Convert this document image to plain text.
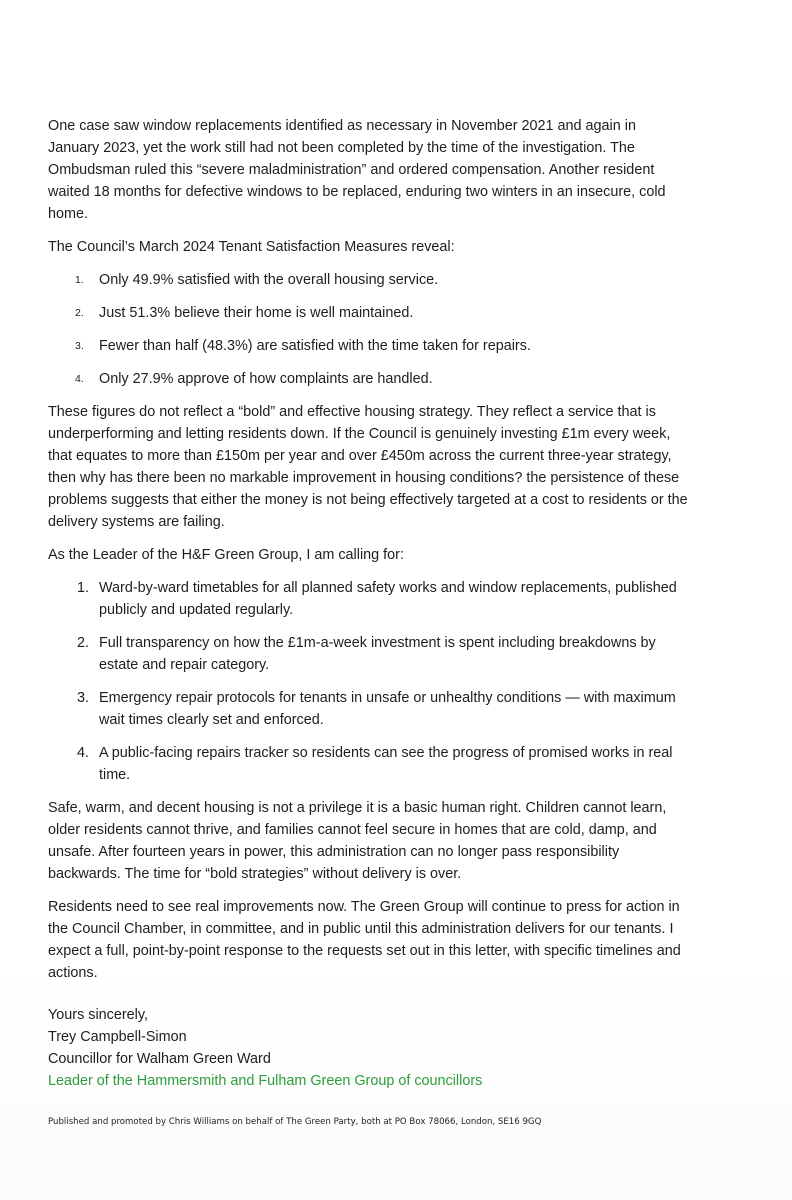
One case saw window replacements identified as necessary in November 2021 and again in January 2023, yet the work still had not been completed by the time of the investigation. The Ombudsman ruled this “severe maladministration” and ordered compensation. Another resident waited 18 months for defective windows to be replaced, enduring two winters in an insecure, cold home.

The Council’s March 2024 Tenant Satisfaction Measures reveal:

1. Only 49.9% satisfied with the overall housing service.
2. Just 51.3% believe their home is well maintained.
3. Fewer than half (48.3%) are satisfied with the time taken for repairs.
4. Only 27.9% approve of how complaints are handled.

These figures do not reflect a “bold” and effective housing strategy. They reflect a service that is underperforming and letting residents down. If the Council is genuinely investing £1m every week, that equates to more than £150m per year and over £450m across the current three-year strategy, then why has there been no markable improvement in housing conditions? the persistence of these problems suggests that either the money is not being effectively targeted at a cost to residents or the delivery systems are failing.

As the Leader of the H&F Green Group, I am calling for:

1. Ward-by-ward timetables for all planned safety works and window replacements, published publicly and updated regularly.
2. Full transparency on how the £1m-a-week investment is spent including breakdowns by estate and repair category.
3. Emergency repair protocols for tenants in unsafe or unhealthy conditions — with maximum wait times clearly set and enforced.
4. A public-facing repairs tracker so residents can see the progress of promised works in real time.

Safe, warm, and decent housing is not a privilege it is a basic human right. Children cannot learn, older residents cannot thrive, and families cannot feel secure in homes that are cold, damp, and unsafe. After fourteen years in power, this administration can no longer pass responsibility backwards. The time for “bold strategies” without delivery is over.

Residents need to see real improvements now. The Green Group will continue to press for action in the Council Chamber, in committee, and in public until this administration delivers for our tenants. I expect a full, point-by-point response to the requests set out in this letter, with specific timelines and actions.

Yours sincerely,
Trey Campbell-Simon
Councillor for Walham Green Ward
Leader of the Hammersmith and Fulham Green Group of councillors
Published and promoted by Chris Williams on behalf of The Green Party, both at PO Box 78066, London, SE16 9GQ
